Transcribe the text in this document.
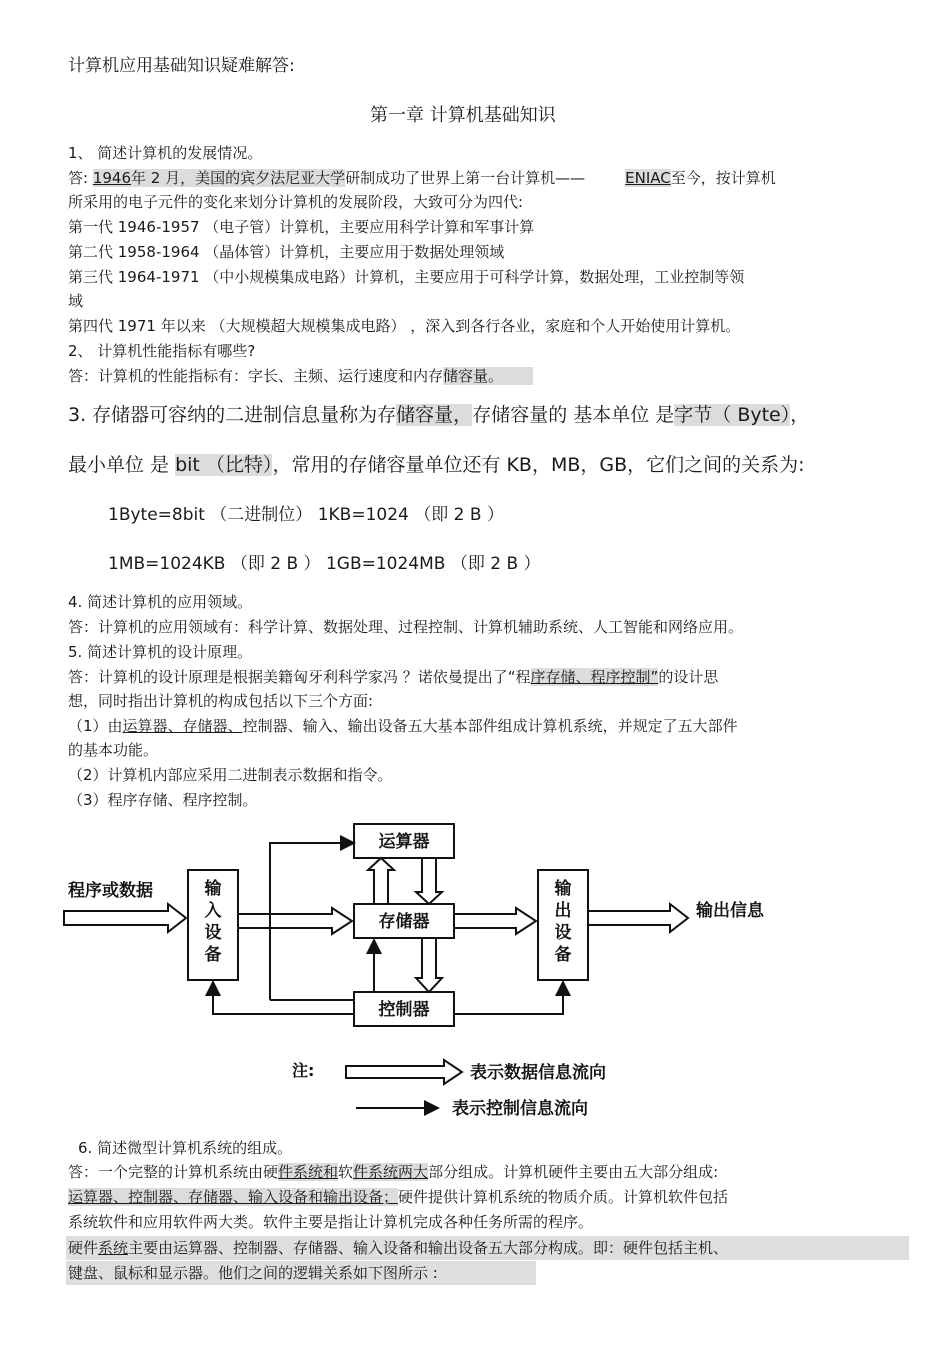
计算机应用基础知识疑难解答:
第一章 计算机基础知识
1、 简述计算机的发展情况。
答: 1946年 2 月，美国的宾夕法尼亚大学研制成功了世界上第一台计算机——	ENIAC至今，按计算机
所采用的电子元件的变化来划分计算机的发展阶段，大致可分为四代:
第一代 1946-1957 （电子管）计算机，主要应用科学计算和军事计算
第二代 1958-1964 （晶体管）计算机，主要应用于数据处理领域
第三代 1964-1971 （中小规模集成电路）计算机，主要应用于可科学计算，数据处理，工业控制等领
域
第四代 1971 年以来 （大规模超大规模集成电路） ，深入到各行各业，家庭和个人开始使用计算机。
2、 计算机性能指标有哪些?
答：计算机的性能指标有：字长、主频、运行速度和内存储容量。
3. 存储器可容纳的二进制信息量称为存储容量，存储容量的 基本单位 是字节（ Byte），
最小单位 是 bit （比特），常用的存储容量单位还有 KB，MB，GB，它们之间的关系为:
1Byte=8bit （二进制位） 1KB=1024 （即 2 B ）
1MB=1024KB （即 2 B ） 1GB=1024MB （即 2 B ）
4. 简述计算机的应用领域。
答：计算机的应用领域有：科学计算、数据处理、过程控制、计算机辅助系统、人工智能和网络应用。
5. 简述计算机的设计原理。
答：计算机的设计原理是根据美籍匈牙利科学家冯 ？诺依曼提出了“程序存储、程序控制”的设计思
想，同时指出计算机的构成包括以下三个方面:
（1）由运算器、存储器、控制器、输入、输出设备五大基本部件组成计算机系统，并规定了五大部件
的基本功能。
（2）计算机内部应采用二进制表示数据和指令。
（3）程序存储、程序控制。
程序或数据	输
入
设
备
运算器
存储器
控制器
输
出
设
备
输出信息
注:	表示数据信息流向
表示控制信息流向
6. 简述微型计算机系统的组成。
答：一个完整的计算机系统由硬件系统和软件系统两大部分组成。计算机硬件主要由五大部分组成:
运算器、控制器、存储器、输入设备和输出设备；硬件提供计算机系统的物质介质。计算机软件包括
系统软件和应用软件两大类。软件主要是指让计算机完成各种任务所需的程序。
硬件系统主要由运算器、控制器、存储器、输入设备和输出设备五大部分构成。即：硬件包括主机、
键盘、鼠标和显示器。他们之间的逻辑关系如下图所示 :
